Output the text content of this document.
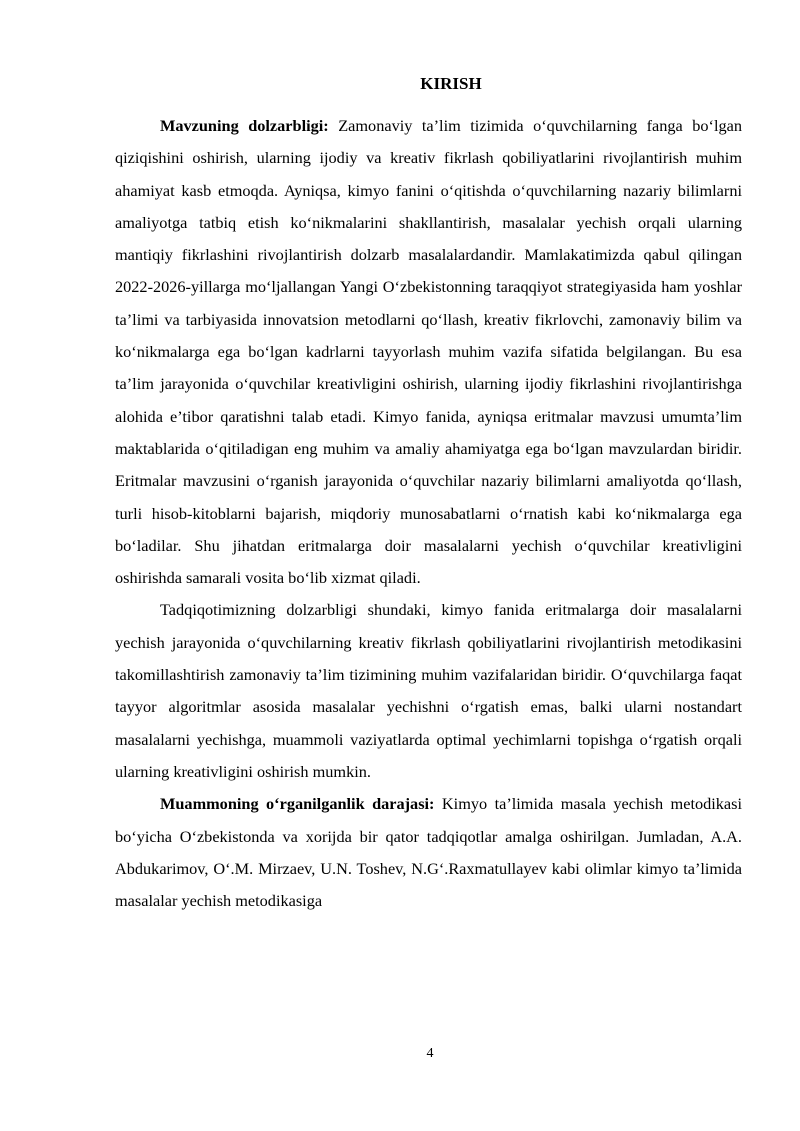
KIRISH

Mavzuning dolzarbligi: Zamonaviy ta’lim tizimida o‘quvchilarning fanga bo‘lgan qiziqishini oshirish, ularning ijodiy va kreativ fikrlash qobiliyatlarini rivojlantirish muhim ahamiyat kasb etmoqda. Ayniqsa, kimyo fanini o‘qitishda o‘quvchilarning nazariy bilimlarni amaliyotga tatbiq etish ko‘nikmalarini shakllantirish, masalalar yechish orqali ularning mantiqiy fikrlashini rivojlantirish dolzarb masalalardandir. Mamlakatimizda qabul qilingan 2022-2026-yillarga mo‘ljallangan Yangi O‘zbekistonning taraqqiyot strategiyasida ham yoshlar ta’limi va tarbiyasida innovatsion metodlarni qo‘llash, kreativ fikrlovchi, zamonaviy bilim va ko‘nikmalarga ega bo‘lgan kadrlarni tayyorlash muhim vazifa sifatida belgilangan. Bu esa ta’lim jarayonida o‘quvchilar kreativligini oshirish, ularning ijodiy fikrlashini rivojlantirishga alohida e’tibor qaratishni talab etadi. Kimyo fanida, ayniqsa eritmalar mavzusi umumta’lim maktablarida o‘qitiladigan eng muhim va amaliy ahamiyatga ega bo‘lgan mavzulardan biridir. Eritmalar mavzusini o‘rganish jarayonida o‘quvchilar nazariy bilimlarni amaliyotda qo‘llash, turli hisob-kitoblarni bajarish, miqdoriy munosabatlarni o‘rnatish kabi ko‘nikmalarga ega bo‘ladilar. Shu jihatdan eritmalarga doir masalalarni yechish o‘quvchilar kreativligini oshirishda samarali vosita bo‘lib xizmat qiladi.

Tadqiqotimizning dolzarbligi shundaki, kimyo fanida eritmalarga doir masalalarni yechish jarayonida o‘quvchilarning kreativ fikrlash qobiliyatlarini rivojlantirish metodikasini takomillashtirish zamonaviy ta’lim tizimining muhim vazifalaridan biridir. O‘quvchilarga faqat tayyor algoritmlar asosida masalalar yechishni o‘rgatish emas, balki ularni nostandart masalalarni yechishga, muammoli vaziyatlarda optimal yechimlarni topishga o‘rgatish orqali ularning kreativligini oshirish mumkin.

Muammoning o‘rganilganlik darajasi: Kimyo ta’limida masala yechish metodikasi bo‘yicha O‘zbekistonda va xorijda bir qator tadqiqotlar amalga oshirilgan. Jumladan, A.A. Abdukarimov, O‘.M. Mirzaev, U.N. Toshev, N.G‘.Raxmatullayev kabi olimlar kimyo ta’limida masalalar yechish metodikasiga

4
